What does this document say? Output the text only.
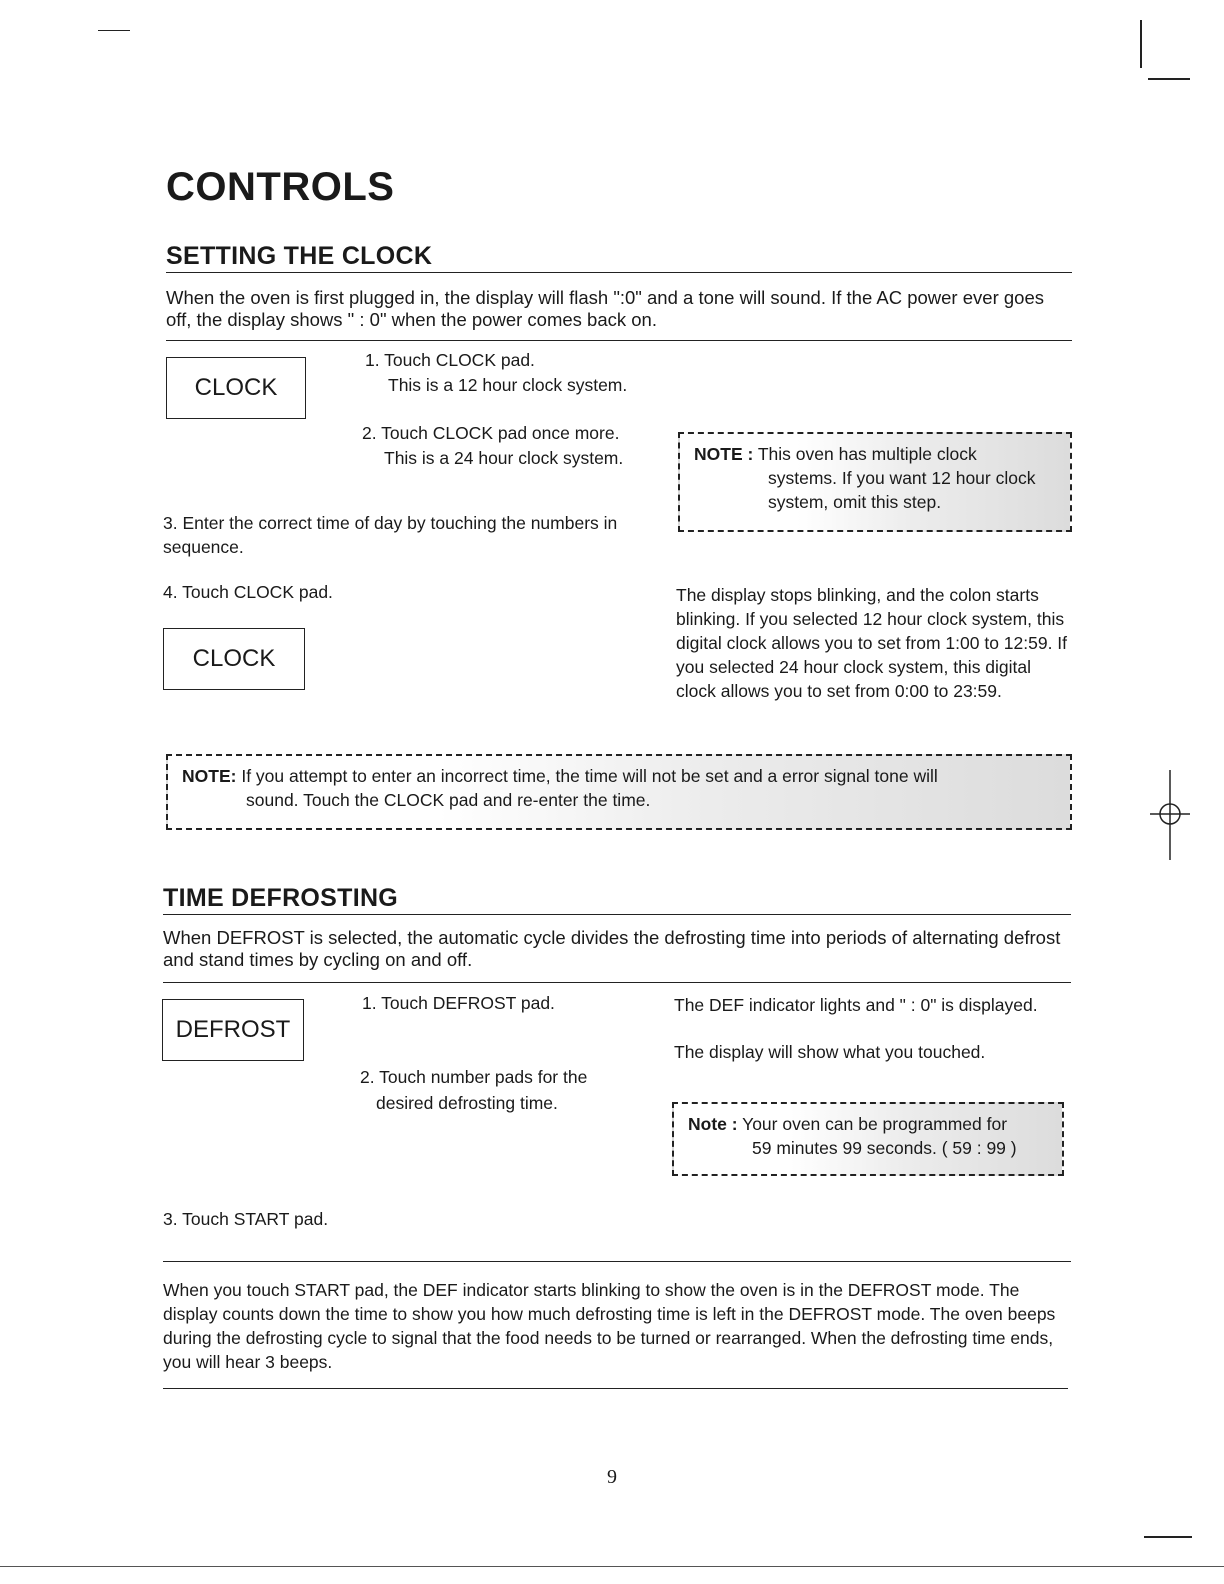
CONTROLS
SETTING THE CLOCK

When the oven is first plugged in, the display will flash ":0" and a tone will sound. If the AC power ever goes off, the display shows " : 0" when the power comes back on.

CLOCK

1. Touch CLOCK pad.

This is a 12 hour clock system.

2. Touch CLOCK pad once more.

This is a 24 hour clock system.	NOTE : This oven has multiple clock
systems. If you want 12 hour clock
system, omit this step.

3. Enter the correct time of day by touching the numbers in sequence.

4. Touch CLOCK pad.

CLOCK

The display stops blinking, and the colon starts blinking. If you selected 12 hour clock system, this digital clock allows you to set from 1:00 to 12:59. If you selected 24 hour clock system, this digital clock allows you to set from 0:00 to 23:59.

NOTE: If you attempt to enter an incorrect time, the time will not be set and a error signal tone will
sound. Touch the CLOCK pad and re-enter the time.
TIME DEFROSTING

When DEFROST is selected, the automatic cycle divides the defrosting time into periods of alternating defrost and stand times by cycling on and off.

DEFROST

1. Touch DEFROST pad.	The DEF indicator lights and " : 0" is displayed.

The display will show what you touched.

2. Touch number pads for the

desired defrosting time.

Note : Your oven can be programmed for
59 minutes 99 seconds. ( 59 : 99 )

3. Touch START pad.

When you touch START pad, the DEF indicator starts blinking to show the oven is in the DEFROST mode. The display counts down the time to show you how much defrosting time is left in the DEFROST mode. The oven beeps during the defrosting cycle to signal that the food needs to be turned or rearranged. When the defrosting time ends, you will hear 3 beeps.

9
